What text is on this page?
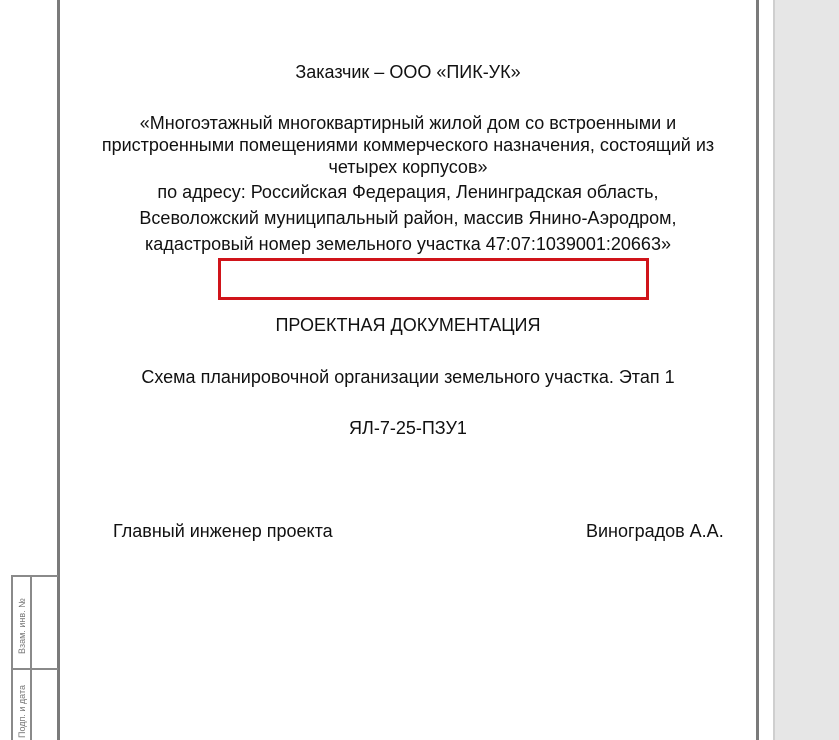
Взам. инв. №
Подп. и дата
Заказчик – ООО «ПИК-УК»
«Многоэтажный многоквартирный жилой дом со встроенными и
пристроенными помещениями коммерческого назначения, состоящий из
четырех корпусов»
по адресу: Российская Федерация, Ленинградская область,
Всеволожский муниципальный район, массив Янино-Аэродром,
кадастровый номер земельного участка 47:07:1039001:20663»
ПРОЕКТНАЯ ДОКУМЕНТАЦИЯ
Схема планировочной организации земельного участка. Этап 1
ЯЛ-7-25-ПЗУ1
Главный инженер проекта	Виноградов А.А.
